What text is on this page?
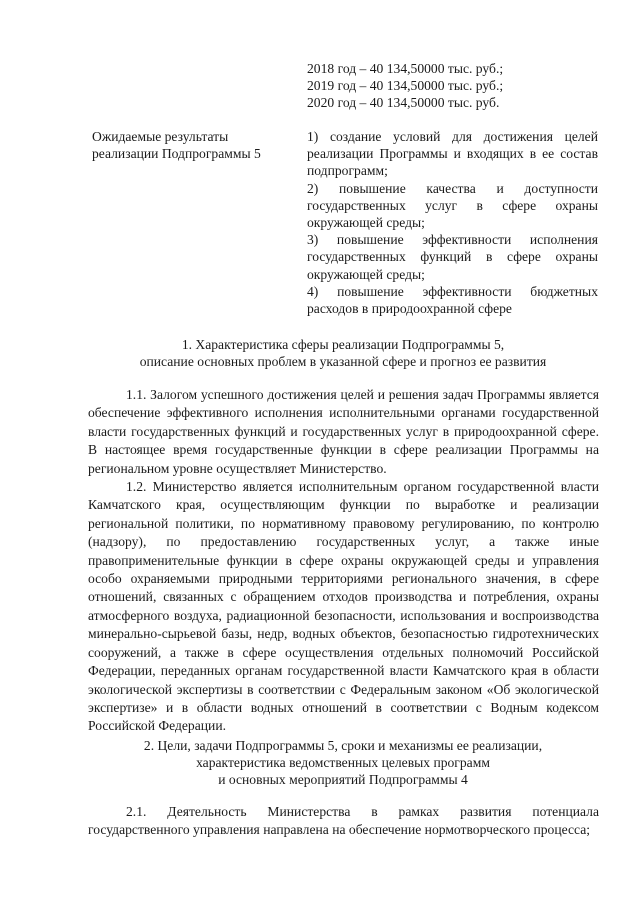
2018 год – 40 134,50000 тыс. руб.;
2019 год – 40 134,50000 тыс. руб.;
2020 год – 40 134,50000 тыс. руб.
Ожидаемые результаты реализации Подпрограммы 5

1) создание условий для достижения целей реализации Программы и входящих в ее состав подпрограмм;

2) повышение качества и доступности государственных услуг в сфере охраны окружающей среды;

3) повышение эффективности исполнения государственных функций в сфере охраны окружающей среды;

4) повышение эффективности бюджетных расходов в природоохранной сфере

1. Характеристика сферы реализации Подпрограммы 5,
описание основных проблем в указанной сфере и прогноз ее развития

1.1. Залогом успешного достижения целей и решения задач Программы является обеспечение эффективного исполнения исполнительными органами государственной власти государственных функций и государственных услуг в природоохранной сфере. В настоящее время государственные функции в сфере реализации Программы на региональном уровне осуществляет Министерство.

1.2. Министерство является исполнительным органом государственной власти Камчатского края, осуществляющим функции по выработке и реализации региональной политики, по нормативному правовому регулированию, по контролю (надзору), по предоставлению государственных услуг, а также иные правоприменительные функции в сфере охраны окружающей среды и управления особо охраняемыми природными территориями регионального значения, в сфере отношений, связанных с обращением отходов производства и потребления, охраны атмосферного воздуха, радиационной безопасности, использования и воспроизводства минерально-сырьевой базы, недр, водных объектов, безопасностью гидротехнических сооружений, а также в сфере осуществления отдельных полномочий Российской Федерации, переданных органам государственной власти Камчатского края в области экологической экспертизы в соответствии с Федеральным законом «Об экологической экспертизе» и в области водных отношений в соответствии с Водным кодексом Российской Федерации.

2. Цели, задачи Подпрограммы 5, сроки и механизмы ее реализации,
характеристика ведомственных целевых программ
и основных мероприятий Подпрограммы 4

2.1. Деятельность Министерства в рамках развития потенциала государственного управления направлена на обеспечение нормотворческого процесса;
